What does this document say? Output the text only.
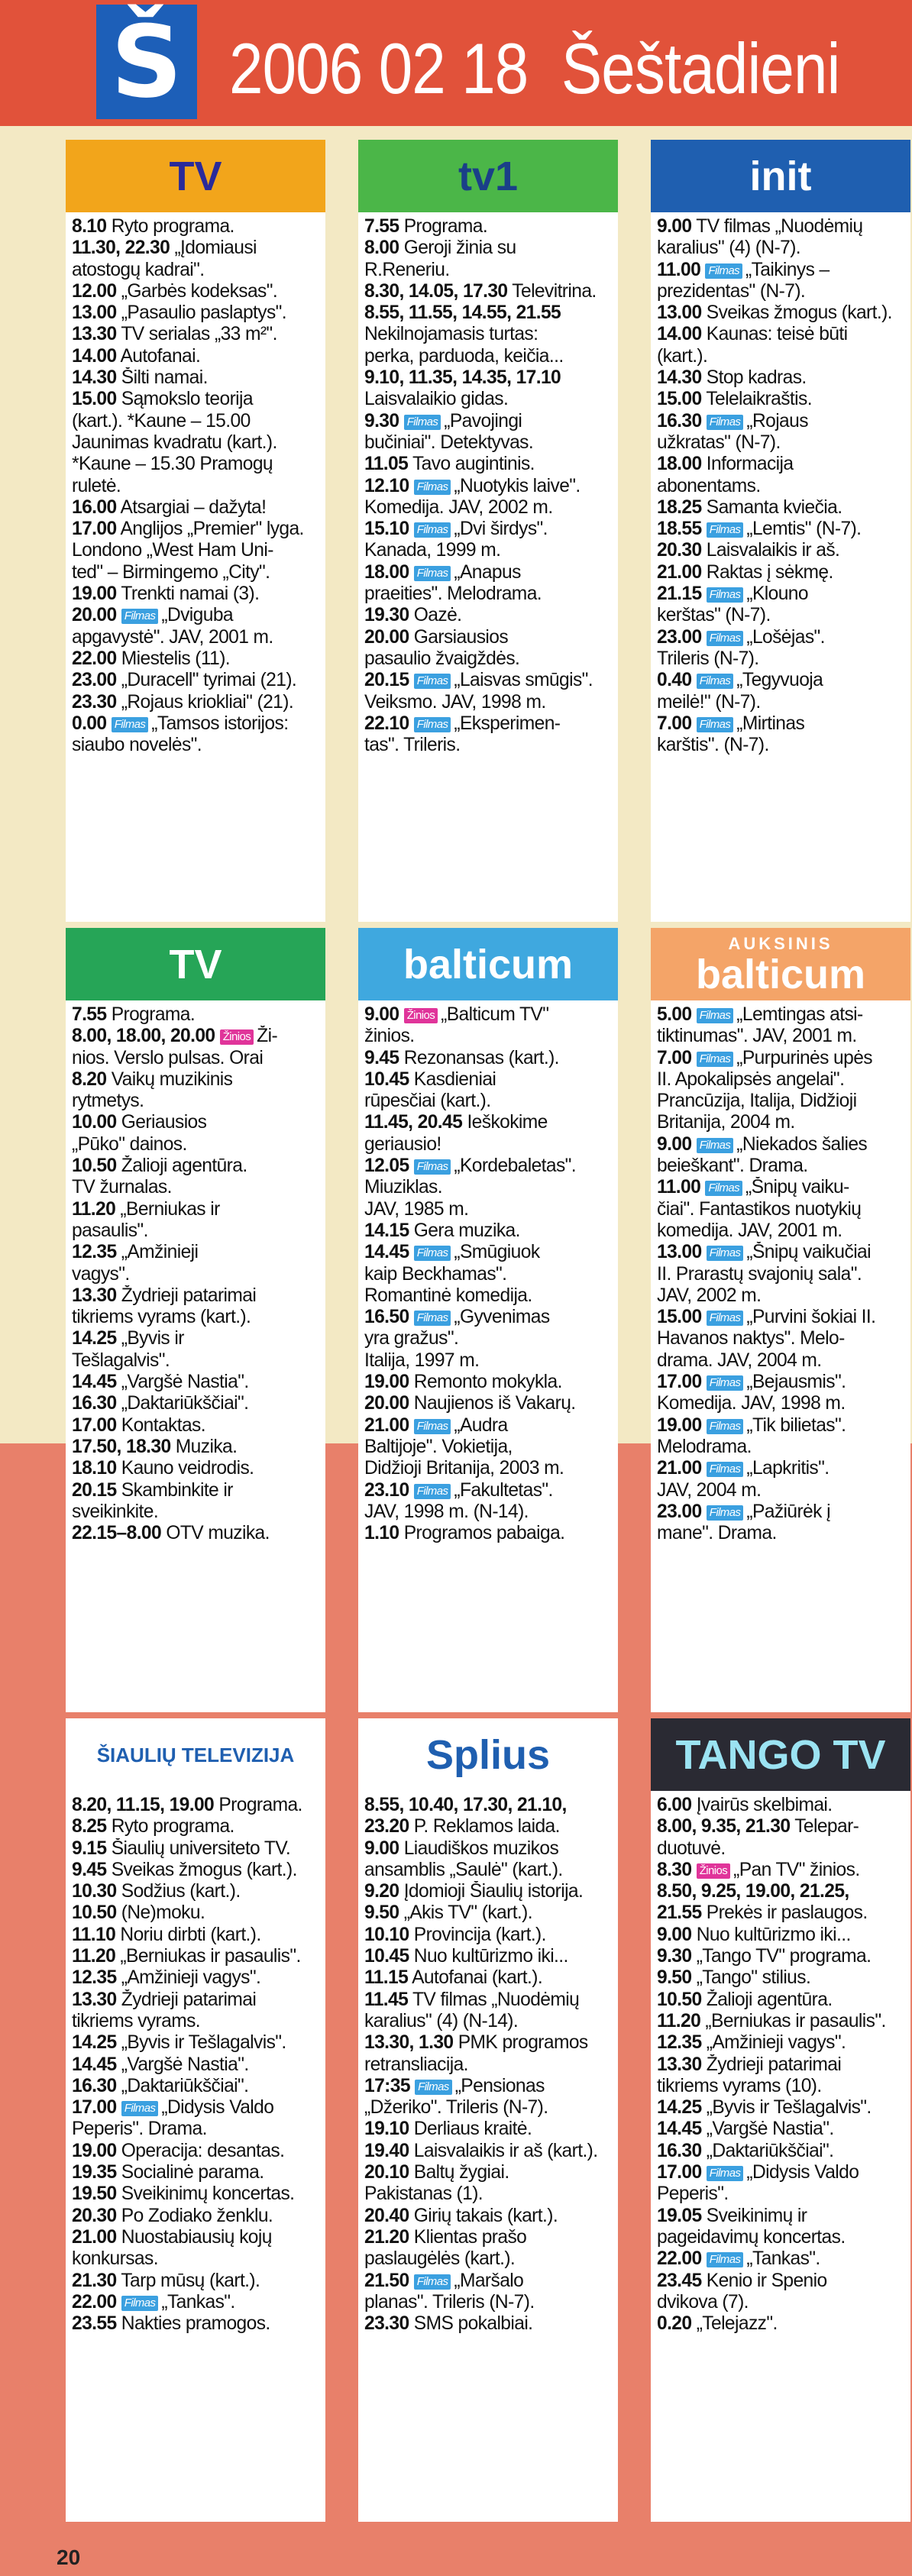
Š 2006 02 18 Šeštadieni
TV
8.10 Ryto programa.
11.30, 22.30 „Įdomiausi
atostogų kadrai".
12.00 „Garbės kodeksas".
13.00 „Pasaulio paslaptys".
13.30 TV serialas „33 m²".
14.00 Autofanai.
14.30 Šilti namai.
15.00 Sąmokslo teorija
(kart.). *Kaune – 15.00
Jaunimas kvadratu (kart.).
*Kaune – 15.30 Pramogų
ruletė.
16.00 Atsargiai – dažyta!
17.00 Anglijos „Premier" lyga.
Londono „West Ham Uni-
ted" – Birmingemo „City".
19.00 Trenkti namai (3).
20.00 Filmas „Dviguba
apgavystė". JAV, 2001 m.
22.00 Miestelis (11).
23.00 „Duracell" tyrimai (21).
23.30 „Rojaus kriokliai" (21).
0.00 Filmas „Tamsos istorijos:
siaubo novelės".
tv1
7.55 Programa.
8.00 Geroji žinia su
R.Reneriu.
8.30, 14.05, 17.30 Televitrina.
8.55, 11.55, 14.55, 21.55
Nekilnojamasis turtas:
perka, parduoda, keičia...
9.10, 11.35, 14.35, 17.10
Laisvalaikio gidas.
9.30 Filmas „Pavojingi
bučiniai". Detektyvas.
11.05 Tavo augintinis.
12.10 Filmas „Nuotykis laive".
Komedija. JAV, 2002 m.
15.10 Filmas „Dvi širdys".
Kanada, 1999 m.
18.00 Filmas „Anapus
praeities". Melodrama.
19.30 Oazė.
20.00 Garsiausios
pasaulio žvaigždės.
20.15 Filmas „Laisvas smūgis".
Veiksmo. JAV, 1998 m.
22.10 Filmas „Eksperimen-
tas". Trileris.
init
9.00 TV filmas „Nuodėmių
karalius" (4) (N-7).
11.00 Filmas „Taikinys –
prezidentas" (N-7).
13.00 Sveikas žmogus (kart.).
14.00 Kaunas: teisė būti
(kart.).
14.30 Stop kadras.
15.00 Telelaikraštis.
16.30 Filmas „Rojaus
užkratas" (N-7).
18.00 Informacija
abonentams.
18.25 Samanta kviečia.
18.55 Filmas „Lemtis" (N-7).
20.30 Laisvalaikis ir aš.
21.00 Raktas į sėkmę.
21.15 Filmas „Klouno
kerštas" (N-7).
23.00 Filmas „Lošėjas".
Trileris (N-7).
0.40 Filmas „Tegyvuoja
meilė!" (N-7).
7.00 Filmas „Mirtinas
karštis". (N-7).
TV
7.55 Programa.
8.00, 18.00, 20.00 Žinios Ži-
nios. Verslo pulsas. Orai
8.20 Vaikų muzikinis
rytmetys.
10.00 Geriausios
„Pūko" dainos.
10.50 Žalioji agentūra.
TV žurnalas.
11.20 „Berniukas ir
pasaulis".
12.35 „Amžinieji
vagys".
13.30 Žydrieji patarimai
tikriems vyrams (kart.).
14.25 „Byvis ir
Tešlagalvis".
14.45 „Vargšė Nastia".
16.30 „Daktariūkščiai".
17.00 Kontaktas.
17.50, 18.30 Muzika.
18.10 Kauno veidrodis.
20.15 Skambinkite ir
sveikinkite.
22.15–8.00 OTV muzika.
balticum
9.00 Žinios „Balticum TV"
žinios.
9.45 Rezonansas (kart.).
10.45 Kasdieniai
rūpesčiai (kart.).
11.45, 20.45 Ieškokime
geriausio!
12.05 Filmas „Kordebaletas".
Miuziklas.
JAV, 1985 m.
14.15 Gera muzika.
14.45 Filmas „Smūgiuok
kaip Beckhamas".
Romantinė komedija.
16.50 Filmas „Gyvenimas
yra gražus".
Italija, 1997 m.
19.00 Remonto mokykla.
20.00 Naujienos iš Vakarų.
21.00 Filmas „Audra
Baltijoje". Vokietija,
Didžioji Britanija, 2003 m.
23.10 Filmas „Fakultetas".
JAV, 1998 m. (N-14).
1.10 Programos pabaiga.
AUKSINIS
balticum
5.00 Filmas „Lemtingas atsi-
tiktinumas". JAV, 2001 m.
7.00 Filmas „Purpurinės upės
II. Apokalipsės angelai".
Prancūzija, Italija, Didžioji
Britanija, 2004 m.
9.00 Filmas „Niekados šalies
beieškant". Drama.
11.00 Filmas „Šnipų vaiku-
čiai". Fantastikos nuotykių
komedija. JAV, 2001 m.
13.00 Filmas „Šnipų vaikučiai
II. Prarastų svajonių sala".
JAV, 2002 m.
15.00 Filmas „Purvini šokiai II.
Havanos naktys". Melo-
drama. JAV, 2004 m.
17.00 Filmas „Bejausmis".
Komedija. JAV, 1998 m.
19.00 Filmas „Tik bilietas".
Melodrama.
21.00 Filmas „Lapkritis".
JAV, 2004 m.
23.00 Filmas „Pažiūrėk į
mane". Drama.
ŠIAULIŲ TELEVIZIJA
8.20, 11.15, 19.00 Programa.
8.25 Ryto programa.
9.15 Šiaulių universiteto TV.
9.45 Sveikas žmogus (kart.).
10.30 Sodžius (kart.).
10.50 (Ne)moku.
11.10 Noriu dirbti (kart.).
11.20 „Berniukas ir pasaulis".
12.35 „Amžinieji vagys".
13.30 Žydrieji patarimai
tikriems vyrams.
14.25 „Byvis ir Tešlagalvis".
14.45 „Vargšė Nastia".
16.30 „Daktariūkščiai".
17.00 Filmas „Didysis Valdo
Peperis". Drama.
19.00 Operacija: desantas.
19.35 Socialinė parama.
19.50 Sveikinimų koncertas.
20.30 Po Zodiako ženklu.
21.00 Nuostabiausių kojų
konkursas.
21.30 Tarp mūsų (kart.).
22.00 Filmas „Tankas".
23.55 Nakties pramogos.
Splius
8.55, 10.40, 17.30, 21.10,
23.20 P. Reklamos laida.
9.00 Liaudiškos muzikos
ansamblis „Saulė" (kart.).
9.20 Įdomioji Šiaulių istorija.
9.50 „Akis TV" (kart.).
10.10 Provincija (kart.).
10.45 Nuo kultūrizmo iki...
11.15 Autofanai (kart.).
11.45 TV filmas „Nuodėmių
karalius" (4) (N-14).
13.30, 1.30 PMK programos
retransliacija.
17:35 Filmas „Pensionas
„Džeriko". Trileris (N-7).
19.10 Derliaus kraitė.
19.40 Laisvalaikis ir aš (kart.).
20.10 Baltų žygiai.
Pakistanas (1).
20.40 Girių takais (kart.).
21.20 Klientas prašo
paslaugėlės (kart.).
21.50 Filmas „Maršalo
planas". Trileris (N-7).
23.30 SMS pokalbiai.
TANGO TV
6.00 Įvairūs skelbimai.
8.00, 9.35, 21.30 Telepar-
duotuvė.
8.30 Žinios „Pan TV" žinios.
8.50, 9.25, 19.00, 21.25,
21.55 Prekės ir paslaugos.
9.00 Nuo kultūrizmo iki...
9.30 „Tango TV" programa.
9.50 „Tango" stilius.
10.50 Žalioji agentūra.
11.20 „Berniukas ir pasaulis".
12.35 „Amžinieji vagys".
13.30 Žydrieji patarimai
tikriems vyrams (10).
14.25 „Byvis ir Tešlagalvis".
14.45 „Vargšė Nastia".
16.30 „Daktariūkščiai".
17.00 Filmas „Didysis Valdo
Peperis".
19.05 Sveikinimų ir
pageidavimų koncertas.
22.00 Filmas „Tankas".
23.45 Kenio ir Spenio
dvikova (7).
0.20 „Telejazz".
20
